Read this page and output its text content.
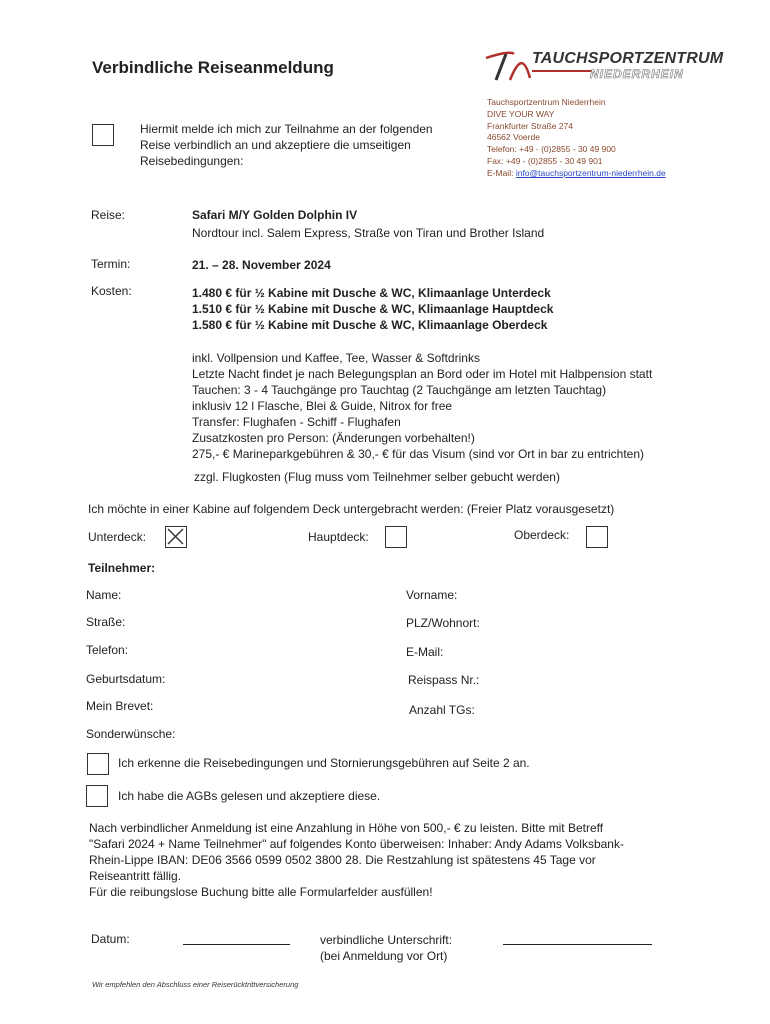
Verbindliche Reiseanmeldung	TAUCHSPORTZENTRUM
NIEDERRHEIN
Tauchsportzentrum Niederrhein
DIVE YOUR WAY
Frankfurter Straße 274
46562 Voerde
Telefon: +49 - (0)2855 - 30 49 900
Fax: +49 - (0)2855 - 30 49 901
E-Mail: info@tauchsportzentrum-niederrhein.de
Hiermit melde ich mich zur Teilnahme an der folgenden
Reise verbindlich an und akzeptiere die umseitigen
Reisebedingungen:
Reise:	Safari M/Y Golden Dolphin IV
Nordtour incl. Salem Express, Straße von Tiran und Brother Island
Termin:	21. – 28. November 2024
Kosten:	1.480 € für ½ Kabine mit Dusche & WC, Klimaanlage Unterdeck
1.510 € für ½ Kabine mit Dusche & WC, Klimaanlage Hauptdeck
1.580 € für ½ Kabine mit Dusche & WC, Klimaanlage Oberdeck
inkl. Vollpension und Kaffee, Tee, Wasser & Softdrinks
Letzte Nacht findet je nach Belegungsplan an Bord oder im Hotel mit Halbpension statt
Tauchen: 3 - 4 Tauchgänge pro Tauchtag (2 Tauchgänge am letzten Tauchtag)
inklusiv 12 l Flasche, Blei & Guide, Nitrox for free
Transfer: Flughafen - Schiff - Flughafen
Zusatzkosten pro Person: (Änderungen vorbehalten!)
275,- € Marineparkgebühren & 30,- € für das Visum (sind vor Ort in bar zu entrichten)
zzgl. Flugkosten (Flug muss vom Teilnehmer selber gebucht werden)
Ich möchte in einer Kabine auf folgendem Deck untergebracht werden: (Freier Platz vorausgesetzt)
Unterdeck:	Hauptdeck:	Oberdeck:
Teilnehmer:
Name:	Vorname:
Straße:	PLZ/Wohnort:
Telefon:	E-Mail:
Geburtsdatum:	Reispass Nr.:
Mein Brevet:	Anzahl TGs:
Sonderwünsche:
Ich erkenne die Reisebedingungen und Stornierungsgebühren auf Seite 2 an.
Ich habe die AGBs gelesen und akzeptiere diese.
Nach verbindlicher Anmeldung ist eine Anzahlung in Höhe von 500,- € zu leisten. Bitte mit Betreff
"Safari 2024 + Name Teilnehmer" auf folgendes Konto überweisen: Inhaber: Andy Adams Volksbank-
Rhein-Lippe IBAN: DE06 3566 0599 0502 3800 28. Die Restzahlung ist spätestens 45 Tage vor
Reiseantritt fällig.
Für die reibungslose Buchung bitte alle Formularfelder ausfüllen!
Datum:	verbindliche Unterschrift:
(bei Anmeldung vor Ort)
Wir empfehlen den Abschluss einer Reiserücktrittversicherung
